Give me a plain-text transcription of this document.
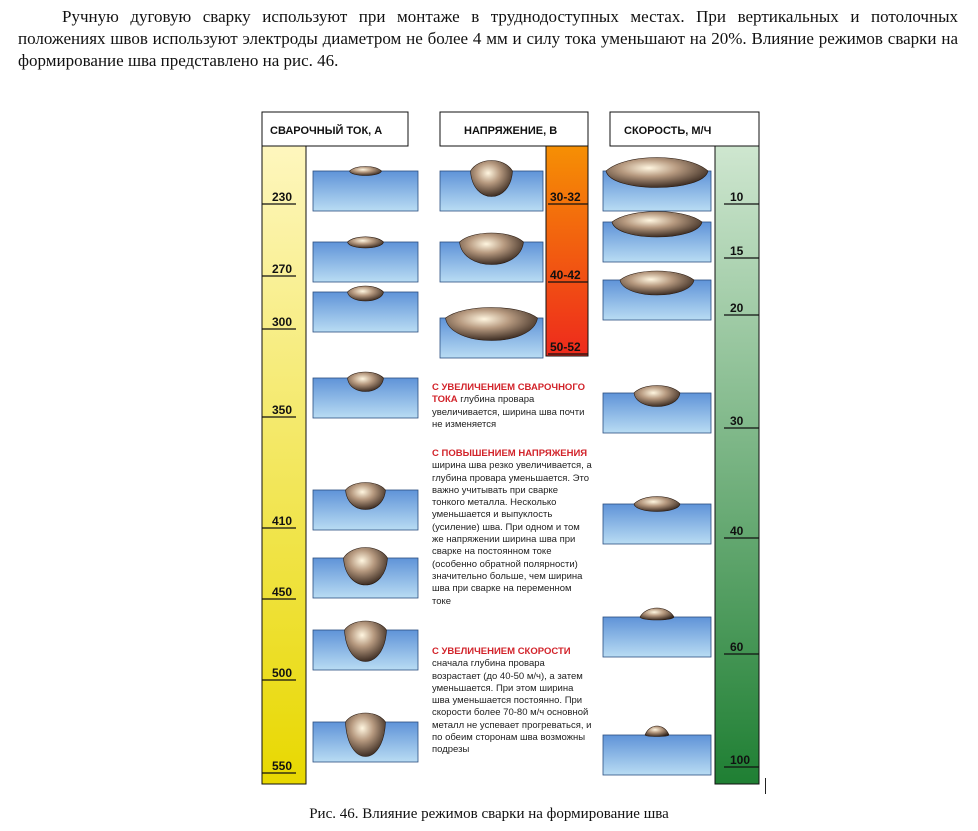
Ручную дуговую сварку используют при монтаже в труднодоступных местах. При вертикальных и потолочных положениях швов используют электроды диаметром не более 4 мм и силу тока уменьшают на 20%. Влияние режимов сварки на формирование шва представлено на рис. 46.
СВАРОЧНЫЙ ТОК, А
230
270
300
350
410
450
500
550
НАПРЯЖЕНИЕ, В
30-32
40-42
50-52
СКОРОСТЬ, М/Ч
10
15
20
30
40
60
100

С УВЕЛИЧЕНИЕМ СВАРОЧНОГО ТОКА глубина провара увеличивается, ширина шва почти не изменяется

С ПОВЫШЕНИЕМ НАПРЯЖЕНИЯ ширина шва резко увеличивается, а глубина провара уменьшается. Это важно учитывать при сварке тонкого металла. Несколько уменьшается и выпуклость (усиление) шва. При одном и том же напряжении ширина шва при сварке на постоянном токе (особенно обратной полярности) значительно больше, чем ширина шва при сварке на переменном токе

С УВЕЛИЧЕНИЕМ СКОРОСТИ сначала глубина провара возрастает (до 40-50 м/ч), а затем уменьшается. При этом ширина шва уменьшается постоянно. При скорости более 70-80 м/ч основной металл не успевает прогреваться, и по обеим сторонам шва возможны подрезы

Рис. 46. Влияние режимов сварки на формирование шва
